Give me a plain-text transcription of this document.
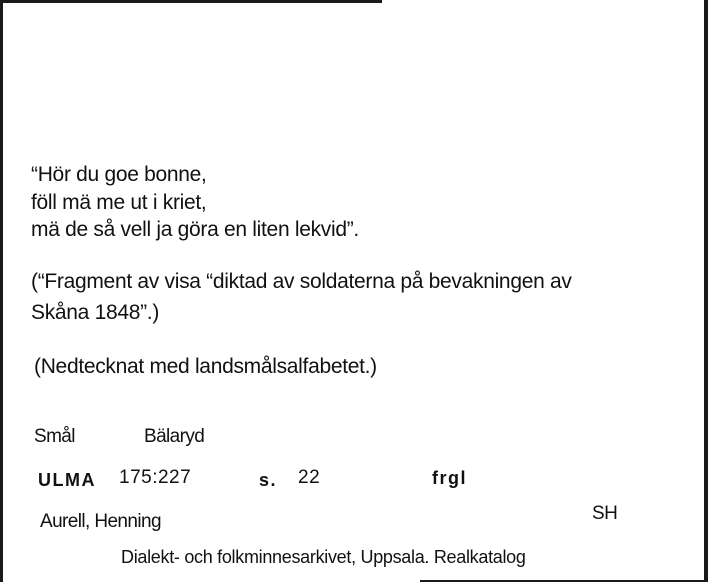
“Hör du goe bonne,
föll mä me ut i kriet,
mä de så vell ja göra en liten lekvid”.
(“Fragment av visa “diktad av soldaterna på bevakningen av
Skåna 1848”.)
(Nedtecknat med landsmålsalfabetet.)
Smål	Bälaryd
ULMA 175:227	s. 22	frgl
Aurell, Henning	SH
Dialekt- och folkminnesarkivet, Uppsala. Realkatalog
